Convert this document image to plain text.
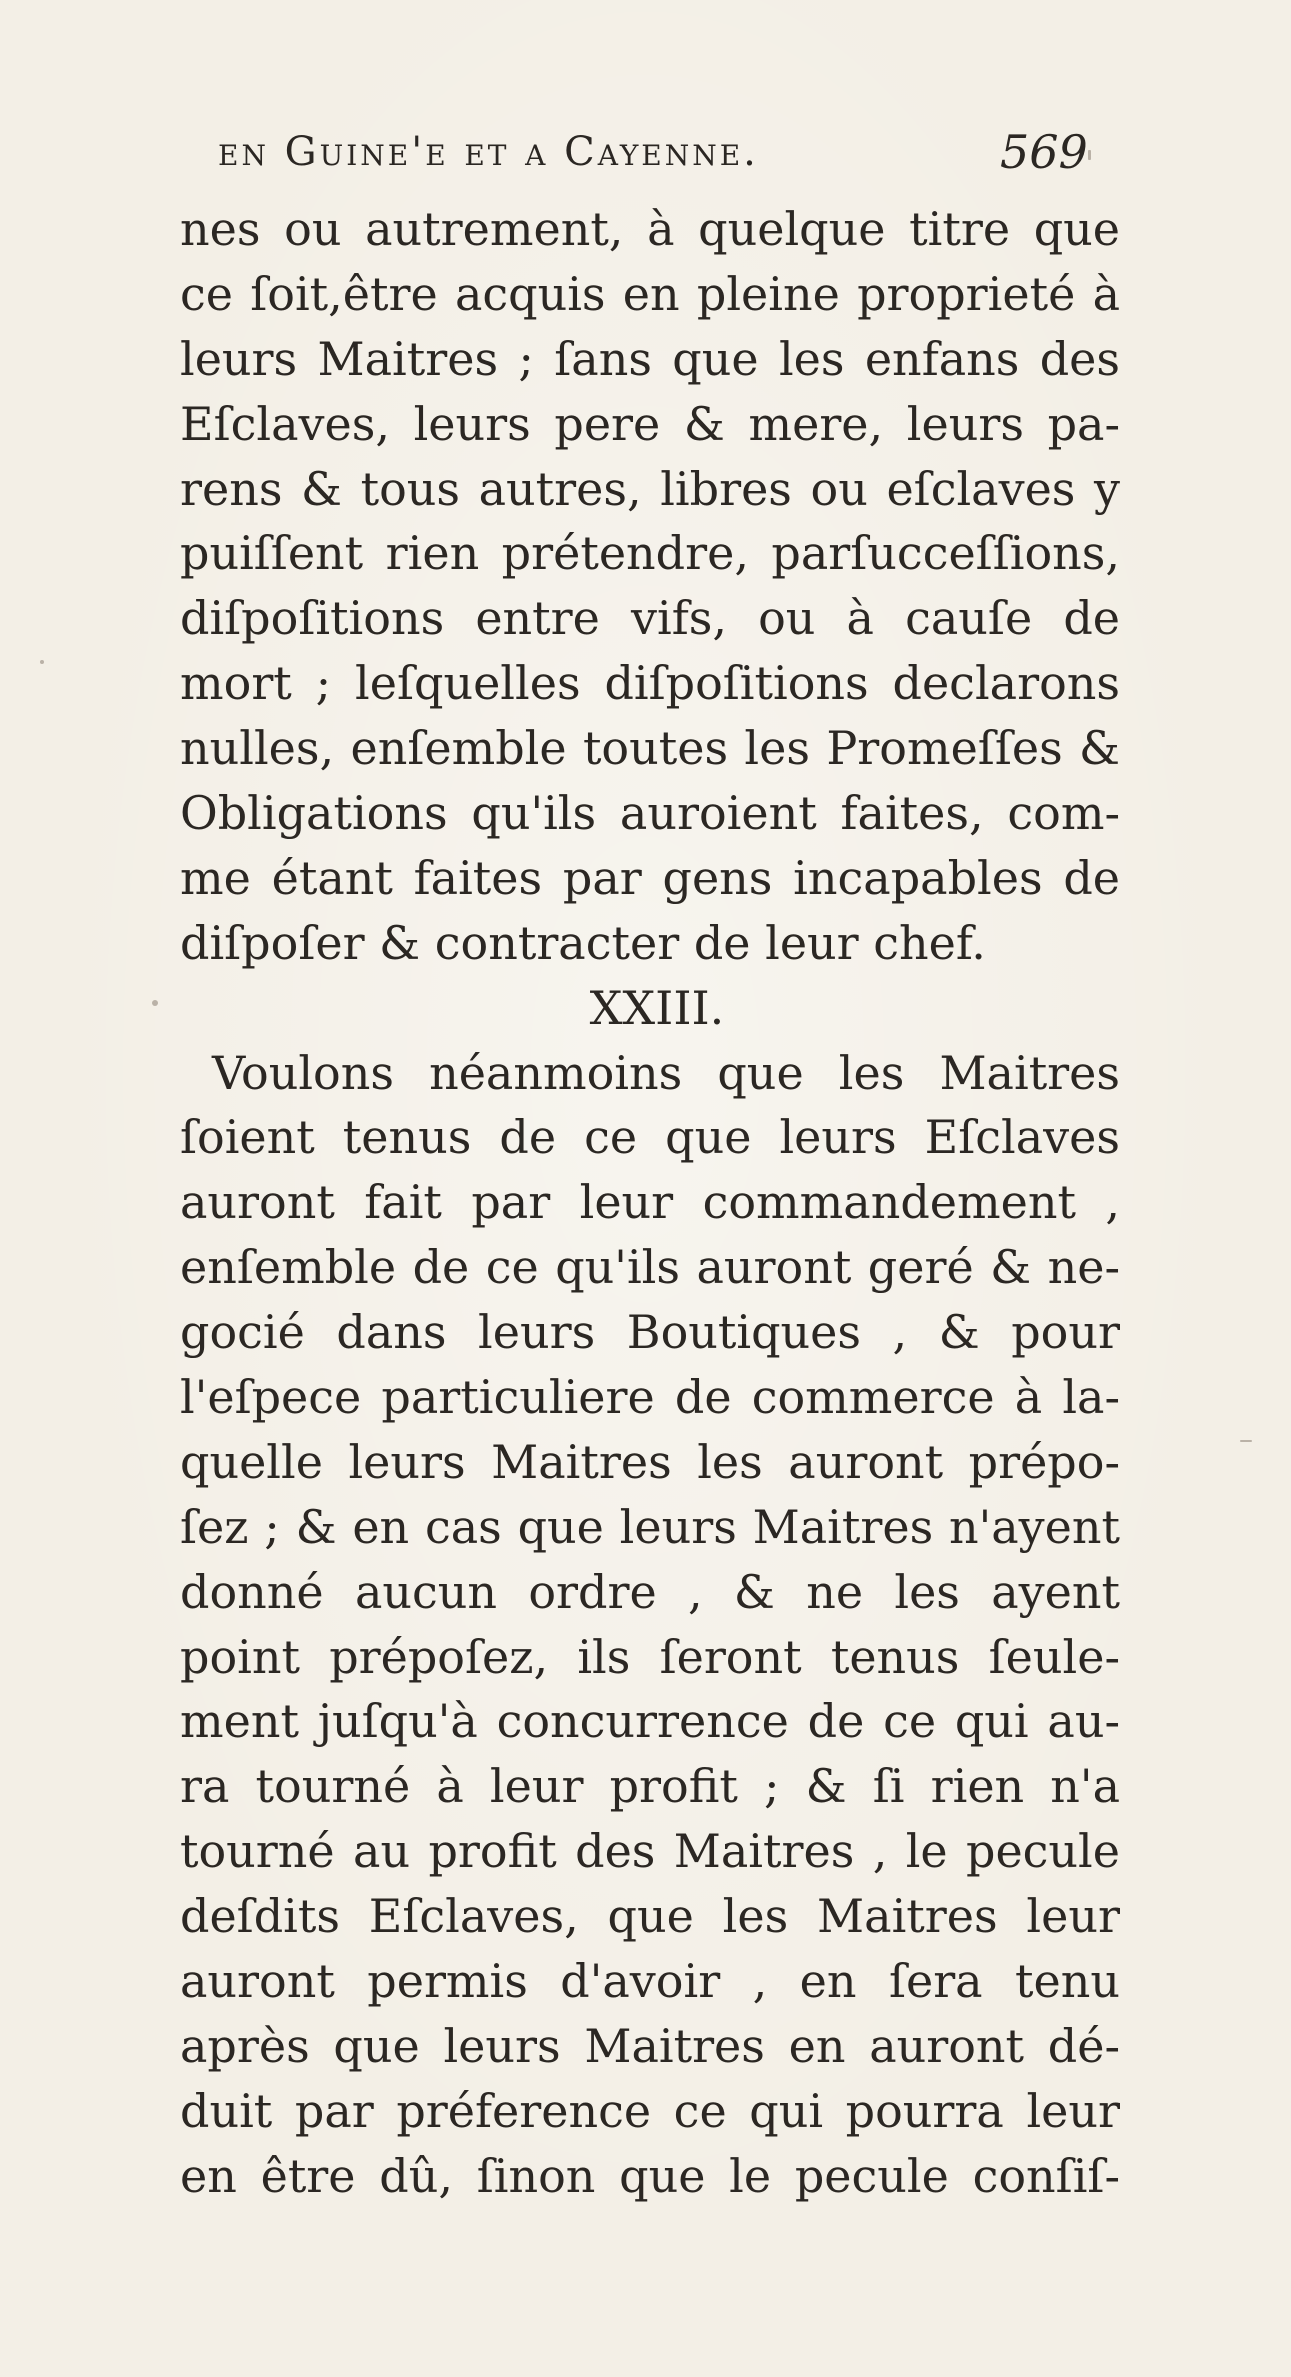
en Guine'e et a Cayenne.	569
nes ou autrement, à quelque titre que
ce ſoit,être acquis en pleine proprieté à
leurs Maitres ; ſans que les enfans des
Eſclaves, leurs pere & mere, leurs pa-
rens & tous autres, libres ou eſclaves y
puiſſent rien prétendre, parſucceſſions,
diſpoſitions entre vifs, ou à cauſe de
mort ; leſquelles diſpoſitions declarons
nulles, enſemble toutes les Promeſſes &
Obligations qu'ils auroient faites, com-
me étant faites par gens incapables de
diſpoſer & contracter de leur chef.
XXIII.
Voulons néanmoins que les Maitres
ſoient tenus de ce que leurs Eſclaves
auront fait par leur commandement ,
enſemble de ce qu'ils auront geré & ne-
gocié dans leurs Boutiques , & pour
l'eſpece particuliere de commerce à la-
quelle leurs Maitres les auront prépo-
ſez ; & en cas que leurs Maitres n'ayent
donné aucun ordre , & ne les ayent
point prépoſez, ils ſeront tenus ſeule-
ment juſqu'à concurrence de ce qui au-
ra tourné à leur profit ; & ſi rien n'a
tourné au profit des Maitres , le pecule
deſdits Eſclaves, que les Maitres leur
auront permis d'avoir , en ſera tenu
après que leurs Maitres en auront dé-
duit par préference ce qui pourra leur
en être dû, ſinon que le pecule conſiſ-
